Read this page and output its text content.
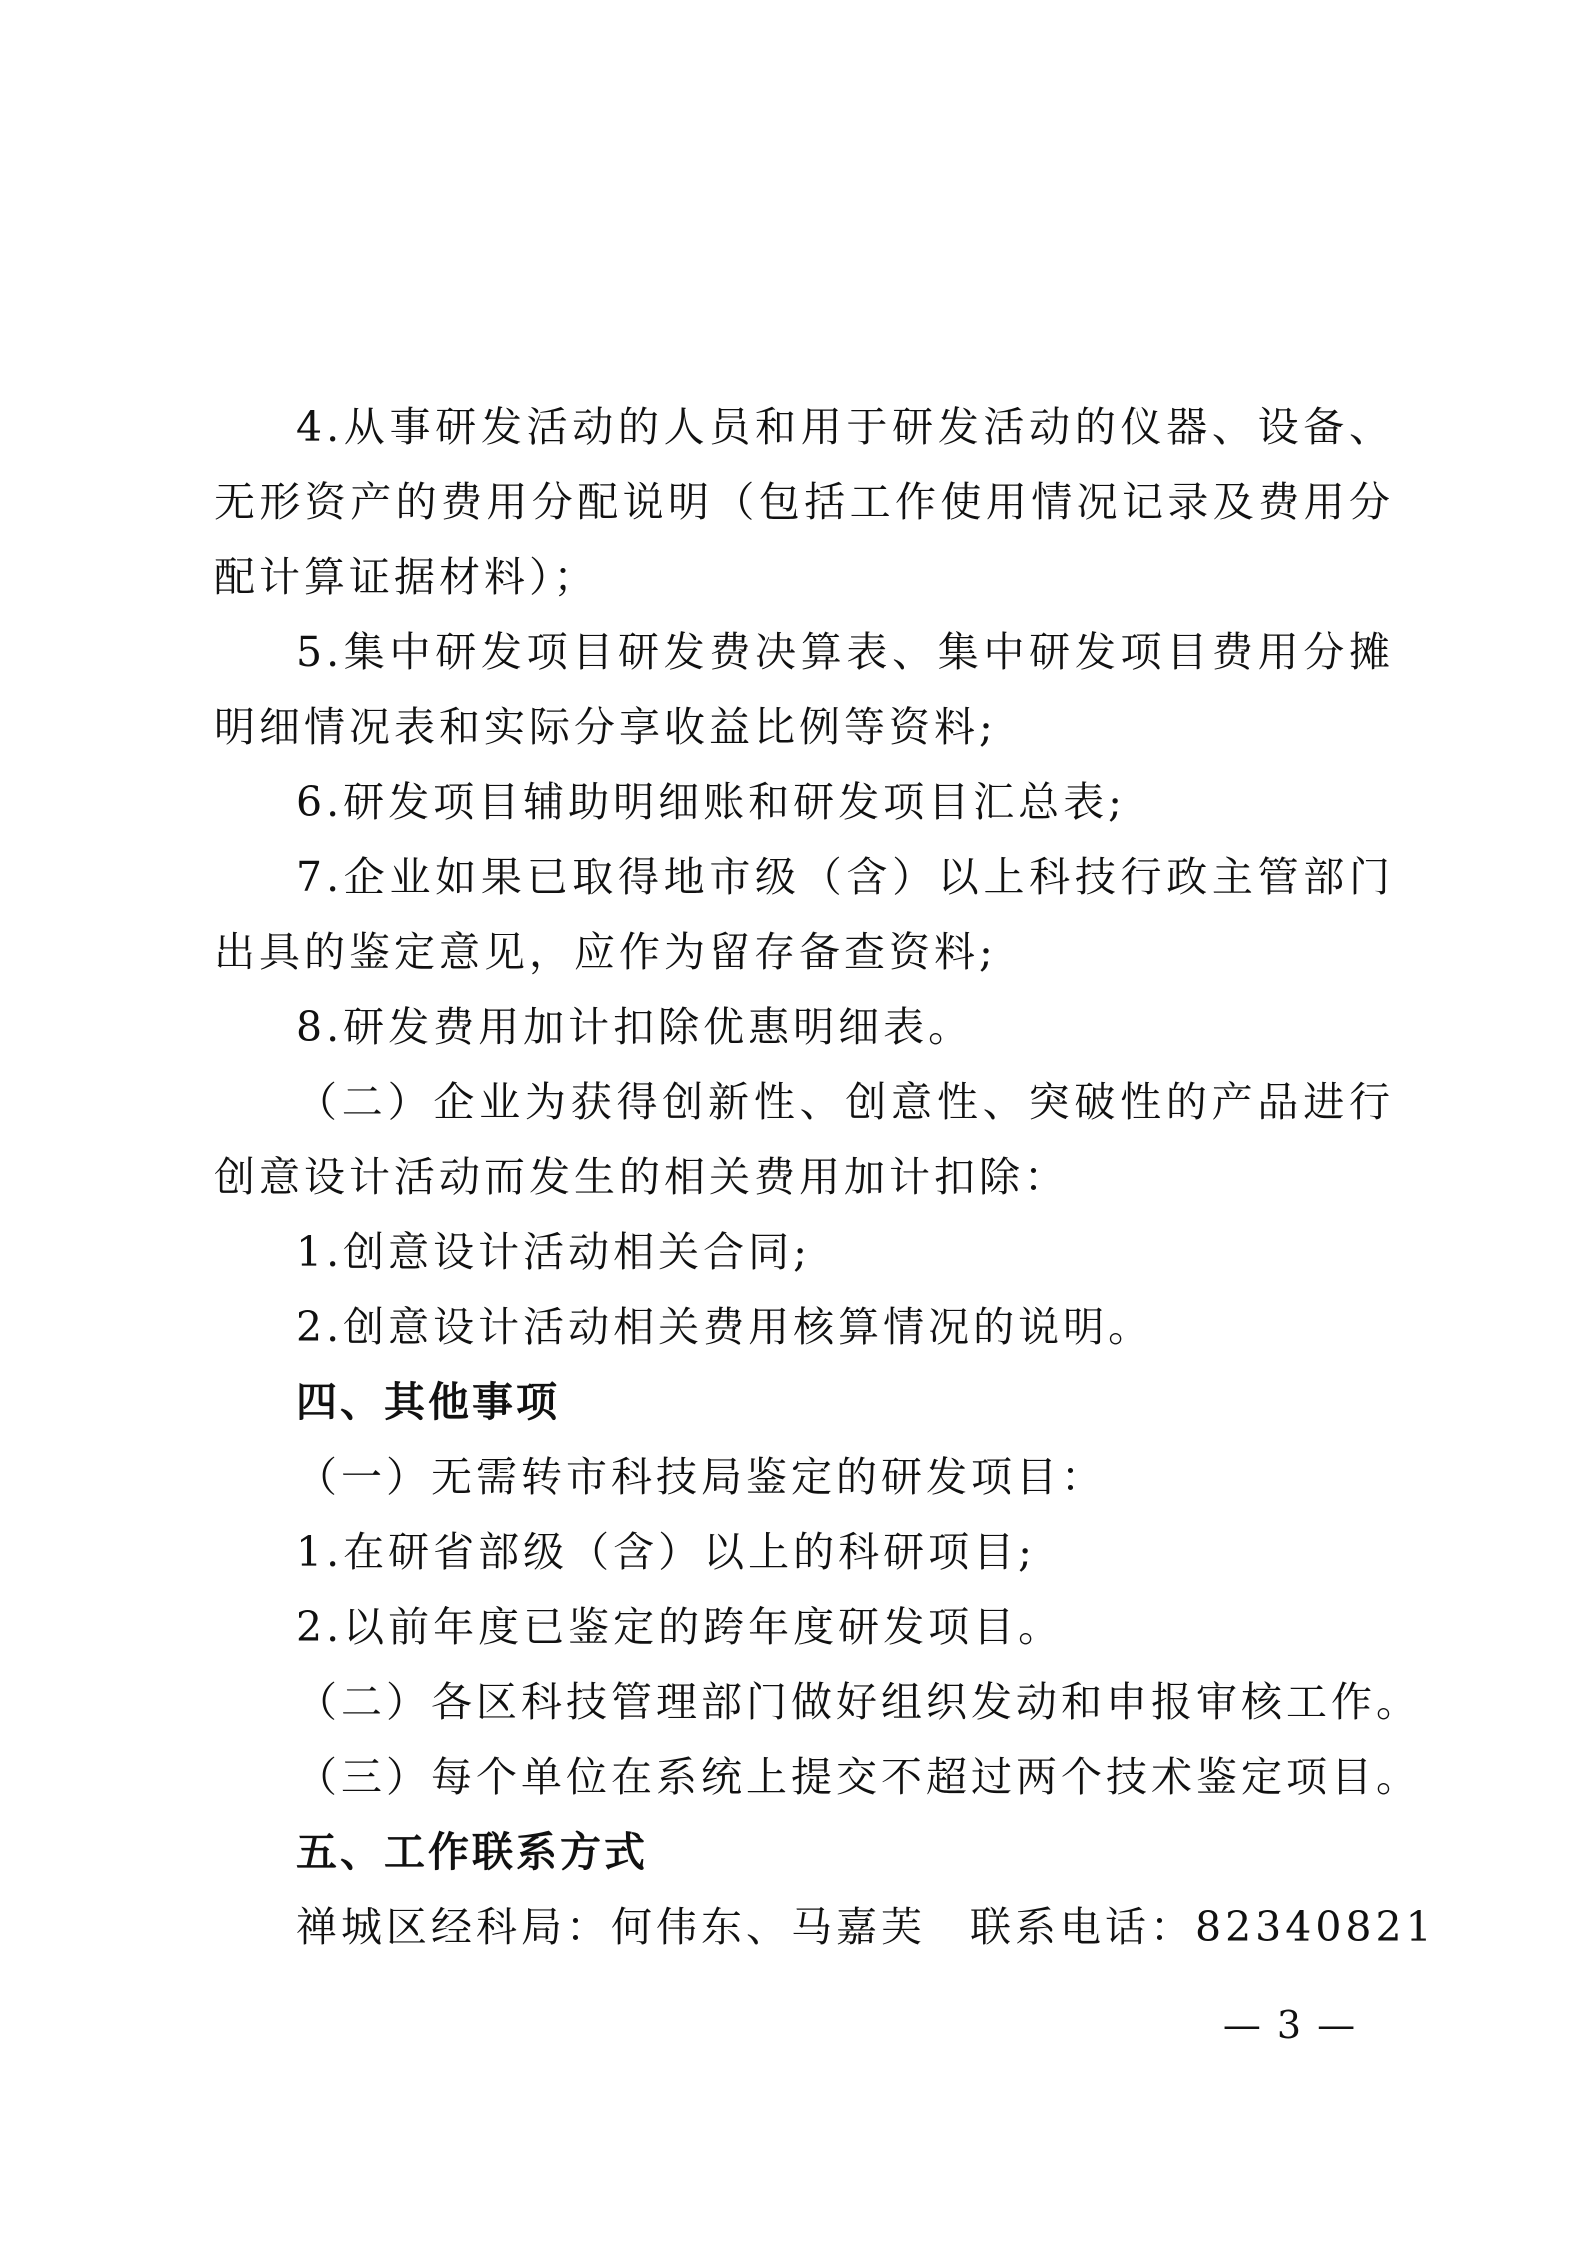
4.从事研发活动的人员和用于研发活动的仪器、设备、无形资产的费用分配说明（包括工作使用情况记录及费用分配计算证据材料）；

5.集中研发项目研发费决算表、集中研发项目费用分摊明细情况表和实际分享收益比例等资料;

6.研发项目辅助明细账和研发项目汇总表;

7.企业如果已取得地市级（含）以上科技行政主管部门出具的鉴定意见，应作为留存备查资料;

8.研发费用加计扣除优惠明细表。

（二）企业为获得创新性、创意性、突破性的产品进行创意设计活动而发生的相关费用加计扣除：

1.创意设计活动相关合同;

2.创意设计活动相关费用核算情况的说明。

四、其他事项

（一）无需转市科技局鉴定的研发项目：

1.在研省部级（含）以上的科研项目;

2.以前年度已鉴定的跨年度研发项目。

（二）各区科技管理部门做好组织发动和申报审核工作。

（三）每个单位在系统上提交不超过两个技术鉴定项目。

五、工作联系方式

禅城区经科局：何伟东、马嘉芙 联系电话：82340821

— 3 —
